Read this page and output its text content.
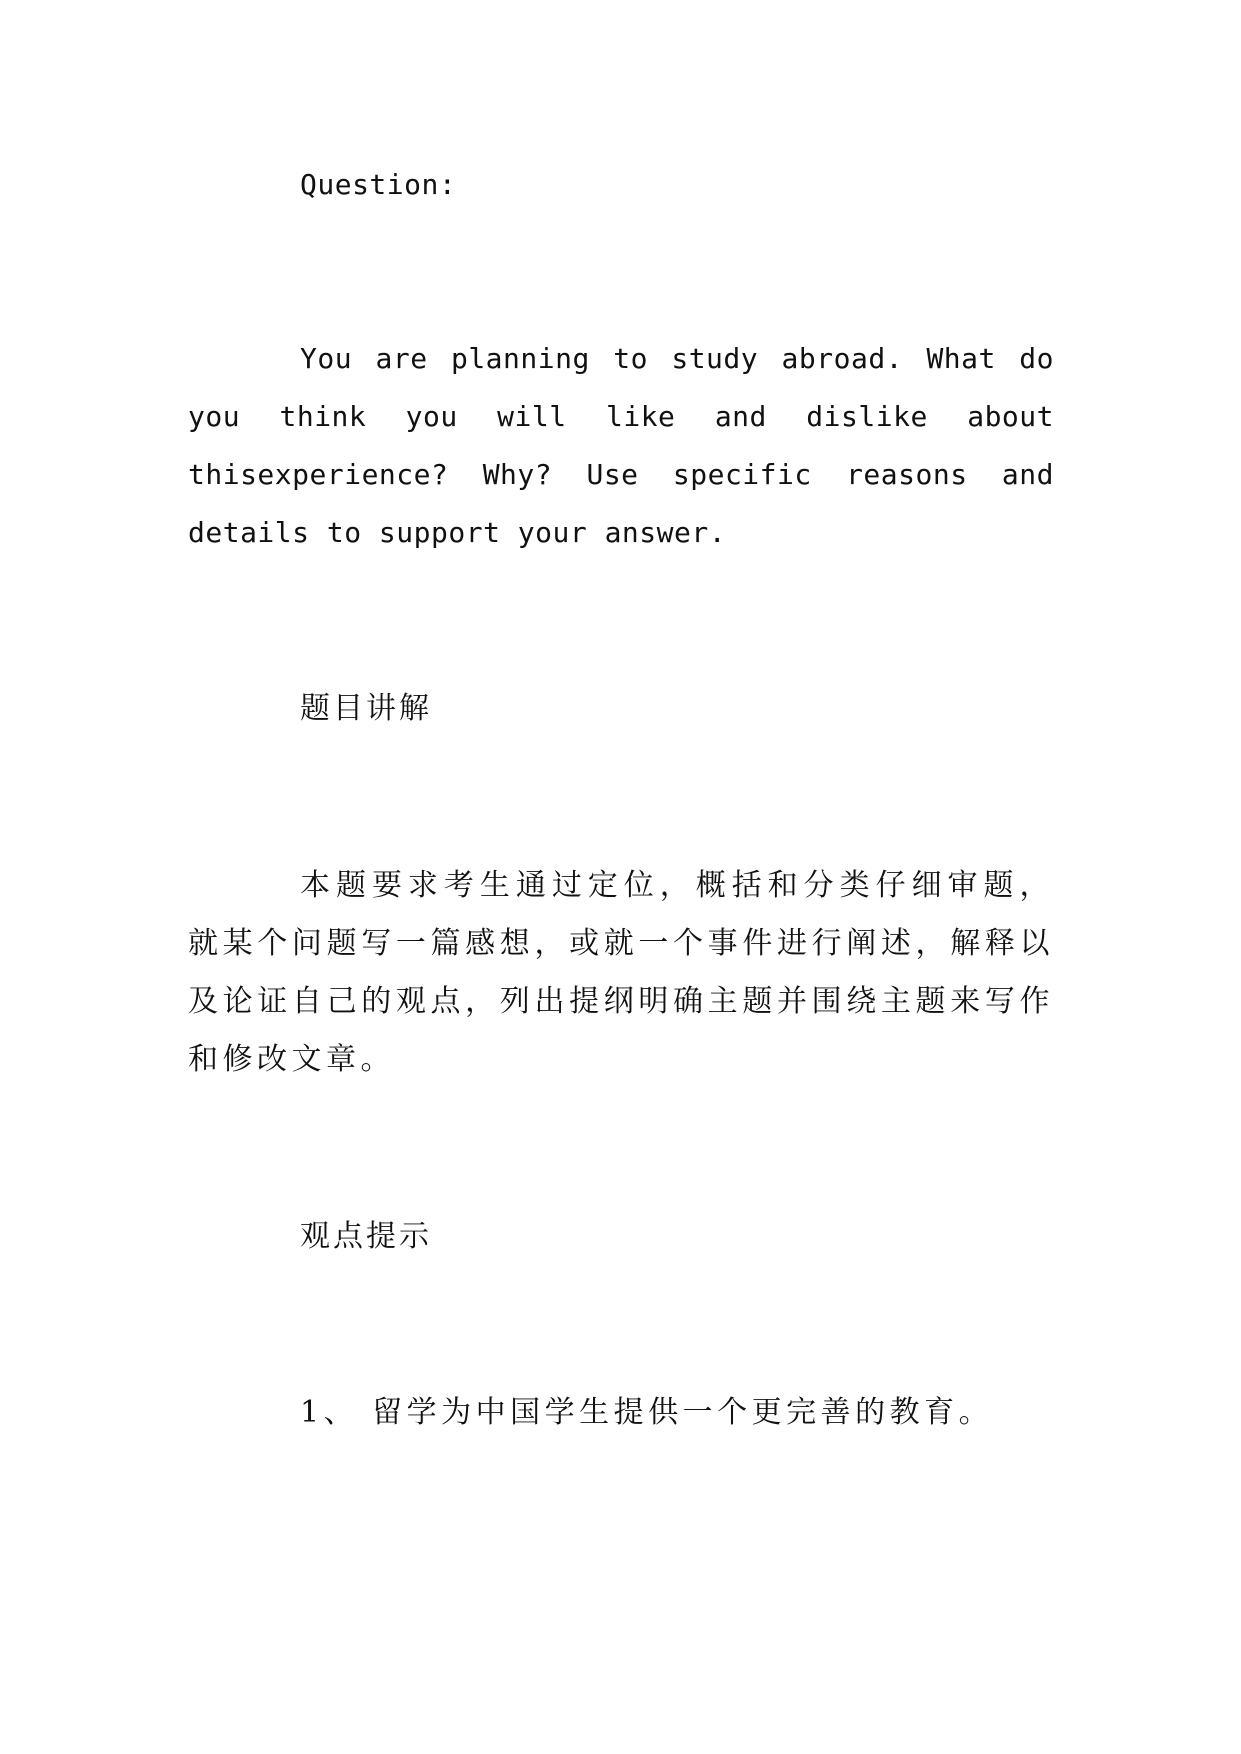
Question:
You are planning to study abroad. What do you think you will like and dislike about thisexperience? Why? Use specific reasons and details to support your answer.
题目讲解
本题要求考生通过定位，概括和分类仔细审题，就某个问题写一篇感想，或就一个事件进行阐述，解释以及论证自己的观点，列出提纲明确主题并围绕主题来写作和修改文章。
观点提示
1、 留学为中国学生提供一个更完善的教育。
